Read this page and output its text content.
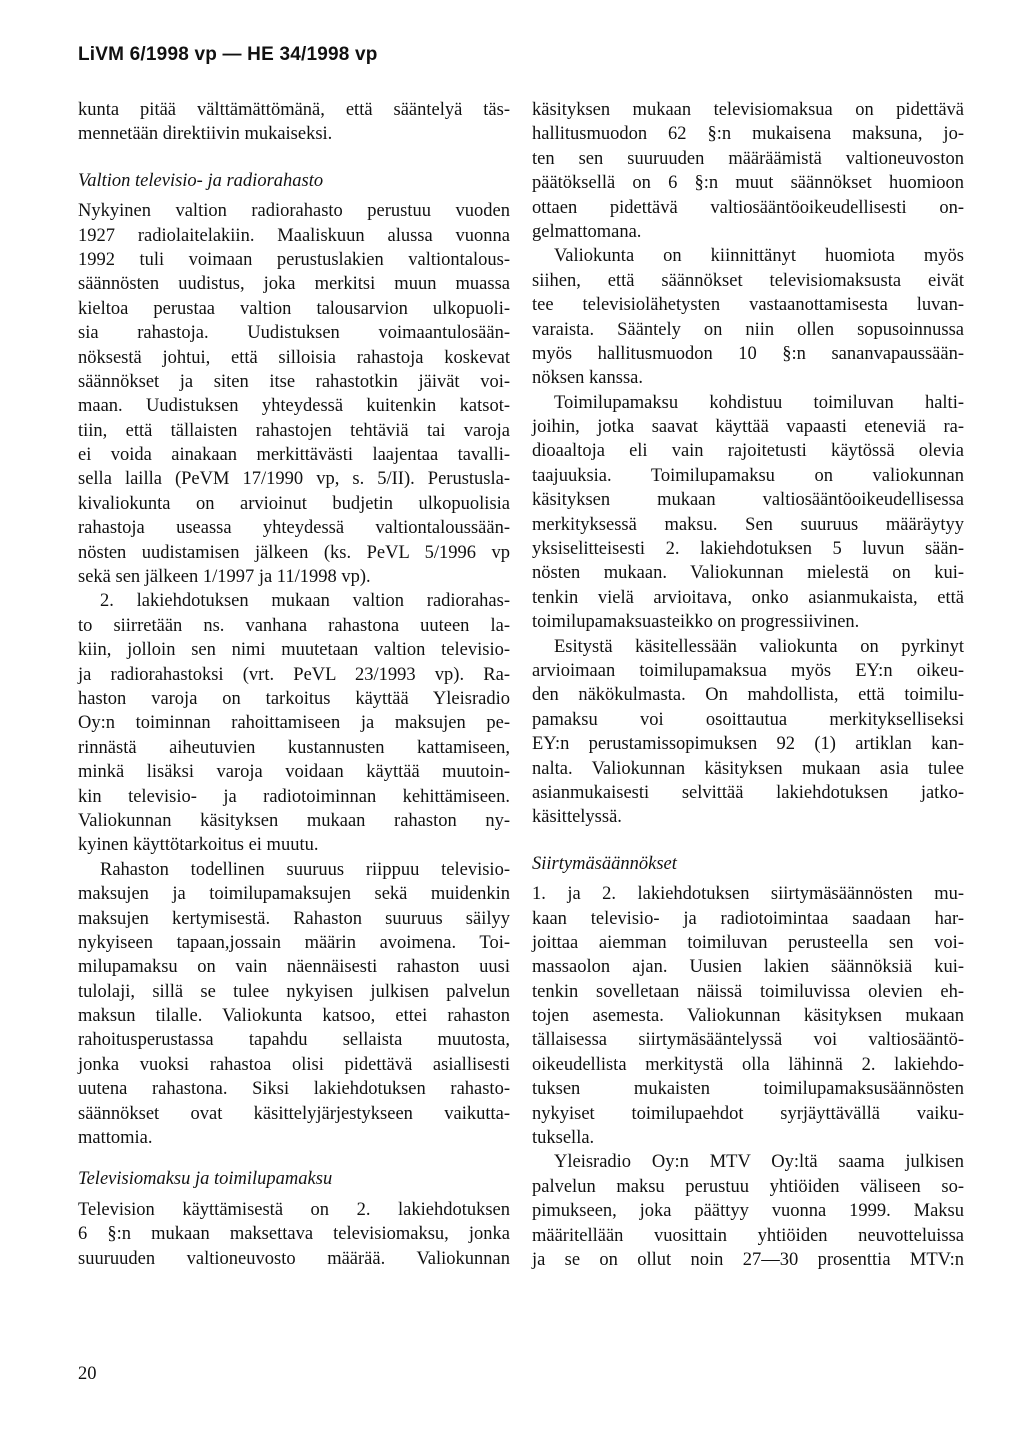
LiVM 6/1998 vp — HE 34/1998 vp
kunta pitää välttämättömänä, että sääntelyä täs-
mennetään direktiivin mukaiseksi.
Valtion televisio- ja radiorahasto
Nykyinen valtion radiorahasto perustuu vuoden
1927 radiolaitelakiin. Maaliskuun alussa vuonna
1992 tuli voimaan perustuslakien valtiontalous-
säännösten uudistus, joka merkitsi muun muassa
kieltoa perustaa valtion talousarvion ulkopuoli-
sia rahastoja. Uudistuksen voimaantulosään-
nöksestä johtui, että silloisia rahastoja koskevat
säännökset ja siten itse rahastotkin jäivät voi-
maan. Uudistuksen yhteydessä kuitenkin katsot-
tiin, että tällaisten rahastojen tehtäviä tai varoja
ei voida ainakaan merkittävästi laajentaa tavalli-
sella lailla (PeVM 17/1990 vp, s. 5/II). Perustusla-
kivaliokunta on arvioinut budjetin ulkopuolisia
rahastoja useassa yhteydessä valtiontaloussään-
nösten uudistamisen jälkeen (ks. PeVL 5/1996 vp
sekä sen jälkeen 1/1997 ja 11/1998 vp).
2. lakiehdotuksen mukaan valtion radiorahas-
to siirretään ns. vanhana rahastona uuteen la-
kiin, jolloin sen nimi muutetaan valtion televisio-
ja radiorahastoksi (vrt. PeVL 23/1993 vp). Ra-
haston varoja on tarkoitus käyttää Yleisradio
Oy:n toiminnan rahoittamiseen ja maksujen pe-
rinnästä aiheutuvien kustannusten kattamiseen,
minkä lisäksi varoja voidaan käyttää muutoin-
kin televisio- ja radiotoiminnan kehittämiseen.
Valiokunnan käsityksen mukaan rahaston ny-
kyinen käyttötarkoitus ei muutu.
Rahaston todellinen suuruus riippuu televisio-
maksujen ja toimilupamaksujen sekä muidenkin
maksujen kertymisestä. Rahaston suuruus säilyy
nykyiseen tapaan,jossain määrin avoimena. Toi-
milupamaksu on vain näennäisesti rahaston uusi
tulolaji, sillä se tulee nykyisen julkisen palvelun
maksun tilalle. Valiokunta katsoo, ettei rahaston
rahoitusperustassa tapahdu sellaista muutosta,
jonka vuoksi rahastoa olisi pidettävä asiallisesti
uutena rahastona. Siksi lakiehdotuksen rahasto-
säännökset ovat käsittelyjärjestykseen vaikutta-
mattomia.
Televisiomaksu ja toimilupamaksu
Television käyttämisestä on 2. lakiehdotuksen
6 §:n mukaan maksettava televisiomaksu, jonka
suuruuden valtioneuvosto määrää. Valiokunnan
käsityksen mukaan televisiomaksua on pidettävä
hallitusmuodon 62 §:n mukaisena maksuna, jo-
ten sen suuruuden määräämistä valtioneuvoston
päätöksellä on 6 §:n muut säännökset huomioon
ottaen pidettävä valtiosääntöoikeudellisesti on-
gelmattomana.
Valiokunta on kiinnittänyt huomiota myös
siihen, että säännökset televisiomaksusta eivät
tee televisiolähetysten vastaanottamisesta luvan-
varaista. Sääntely on niin ollen sopusoinnussa
myös hallitusmuodon 10 §:n sananvapaussään-
nöksen kanssa.
Toimilupamaksu kohdistuu toimiluvan halti-
joihin, jotka saavat käyttää vapaasti eteneviä ra-
dioaaltoja eli vain rajoitetusti käytössä olevia
taajuuksia. Toimilupamaksu on valiokunnan
käsityksen mukaan valtiosääntöoikeudellisessa
merkityksessä maksu. Sen suuruus määräytyy
yksiselitteisesti 2. lakiehdotuksen 5 luvun sään-
nösten mukaan. Valiokunnan mielestä on kui-
tenkin vielä arvioitava, onko asianmukaista, että
toimilupamaksuasteikko on progressiivinen.
Esitystä käsitellessään valiokunta on pyrkinyt
arvioimaan toimilupamaksua myös EY:n oikeu-
den näkökulmasta. On mahdollista, että toimilu-
pamaksu voi osoittautua merkitykselliseksi
EY:n perustamissopimuksen 92 (1) artiklan kan-
nalta. Valiokunnan käsityksen mukaan asia tulee
asianmukaisesti selvittää lakiehdotuksen jatko-
käsittelyssä.
Siirtymäsäännökset
1. ja 2. lakiehdotuksen siirtymäsäännösten mu-
kaan televisio- ja radiotoimintaa saadaan har-
joittaa aiemman toimiluvan perusteella sen voi-
massaolon ajan. Uusien lakien säännöksiä kui-
tenkin sovelletaan näissä toimiluvissa olevien eh-
tojen asemesta. Valiokunnan käsityksen mukaan
tällaisessa siirtymäsääntelyssä voi valtiosääntö-
oikeudellista merkitystä olla lähinnä 2. lakiehdo-
tuksen mukaisten toimilupamaksusäännösten
nykyiset toimilupaehdot syrjäyttävällä vaiku-
tuksella.
Yleisradio Oy:n MTV Oy:ltä saama julkisen
palvelun maksu perustuu yhtiöiden väliseen so-
pimukseen, joka päättyy vuonna 1999. Maksu
määritellään vuosittain yhtiöiden neuvotteluissa
ja se on ollut noin 27—30 prosenttia MTV:n
20
